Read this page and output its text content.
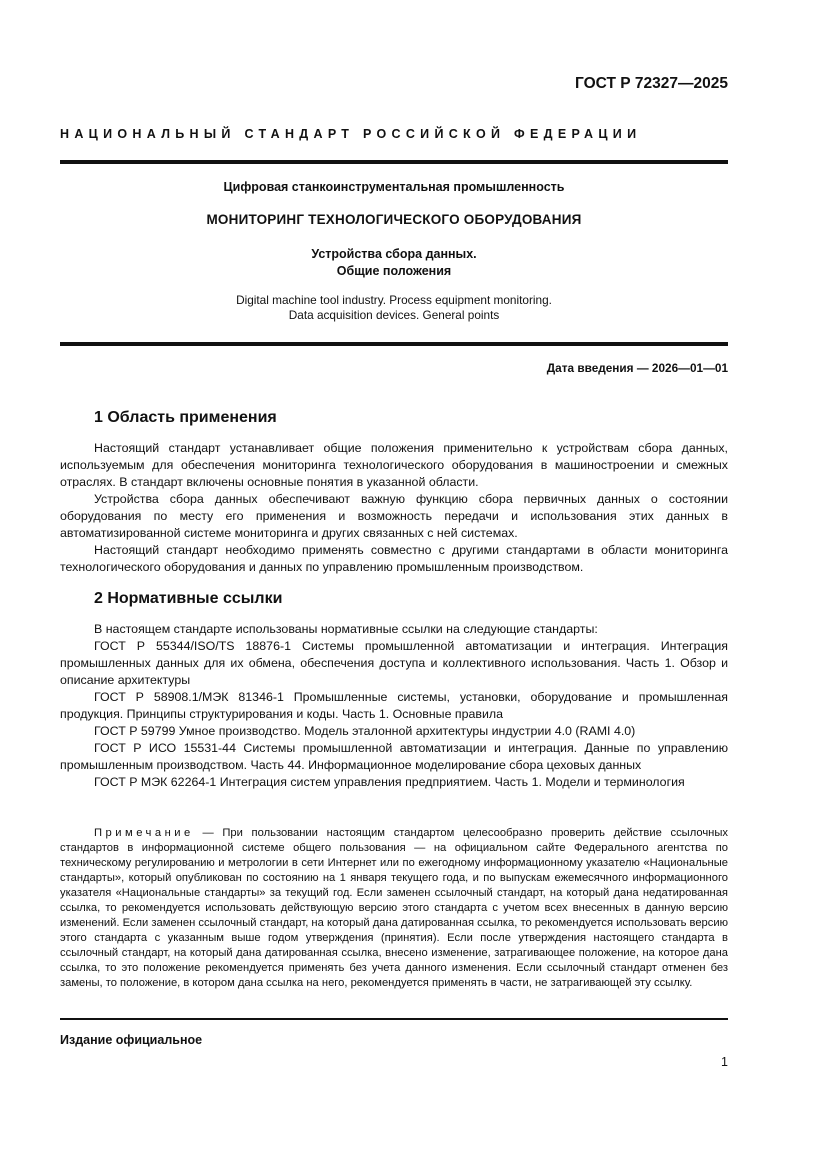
ГОСТ Р 72327—2025
НАЦИОНАЛЬНЫЙ СТАНДАРТ РОССИЙСКОЙ ФЕДЕРАЦИИ
Цифровая станкоинструментальная промышленность
МОНИТОРИНГ ТЕХНОЛОГИЧЕСКОГО ОБОРУДОВАНИЯ
Устройства сбора данных.
Общие положения
Digital machine tool industry. Process equipment monitoring.
Data acquisition devices. General points
Дата введения — 2026—01—01
1 Область применения

Настоящий стандарт устанавливает общие положения применительно к устройствам сбора данных, используемым для обеспечения мониторинга технологического оборудования в машиностроении и смежных отраслях. В стандарт включены основные понятия в указанной области.

Устройства сбора данных обеспечивают важную функцию сбора первичных данных о состоянии оборудования по месту его применения и возможность передачи и использования этих данных в автоматизированной системе мониторинга и других связанных с ней системах.

Настоящий стандарт необходимо применять совместно с другими стандартами в области мониторинга технологического оборудования и данных по управлению промышленным производством.

2 Нормативные ссылки

В настоящем стандарте использованы нормативные ссылки на следующие стандарты:

ГОСТ Р 55344/ISO/TS 18876-1 Системы промышленной автоматизации и интеграция. Интеграция промышленных данных для их обмена, обеспечения доступа и коллективного использования. Часть 1. Обзор и описание архитектуры

ГОСТ Р 58908.1/МЭК 81346-1 Промышленные системы, установки, оборудование и промышленная продукция. Принципы структурирования и коды. Часть 1. Основные правила

ГОСТ Р 59799 Умное производство. Модель эталонной архитектуры индустрии 4.0 (RAMI 4.0)

ГОСТ Р ИСО 15531-44 Системы промышленной автоматизации и интеграция. Данные по управлению промышленным производством. Часть 44. Информационное моделирование сбора цеховых данных

ГОСТ Р МЭК 62264-1 Интеграция систем управления предприятием. Часть 1. Модели и терминология

Примечание — При пользовании настоящим стандартом целесообразно проверить действие ссылочных стандартов в информационной системе общего пользования — на официальном сайте Федерального агентства по техническому регулированию и метрологии в сети Интернет или по ежегодному информационному указателю «Национальные стандарты», который опубликован по состоянию на 1 января текущего года, и по выпускам ежемесячного информационного указателя «Национальные стандарты» за текущий год. Если заменен ссылочный стандарт, на который дана недатированная ссылка, то рекомендуется использовать действующую версию этого стандарта с учетом всех внесенных в данную версию изменений. Если заменен ссылочный стандарт, на который дана датированная ссылка, то рекомендуется использовать версию этого стандарта с указанным выше годом утверждения (принятия). Если после утверждения настоящего стандарта в ссылочный стандарт, на который дана датированная ссылка, внесено изменение, затрагивающее положение, на которое дана ссылка, то это положение рекомендуется применять без учета данного изменения. Если ссылочный стандарт отменен без замены, то положение, в котором дана ссылка на него, рекомендуется применять в части, не затрагивающей эту ссылку.

Издание официальное
1
